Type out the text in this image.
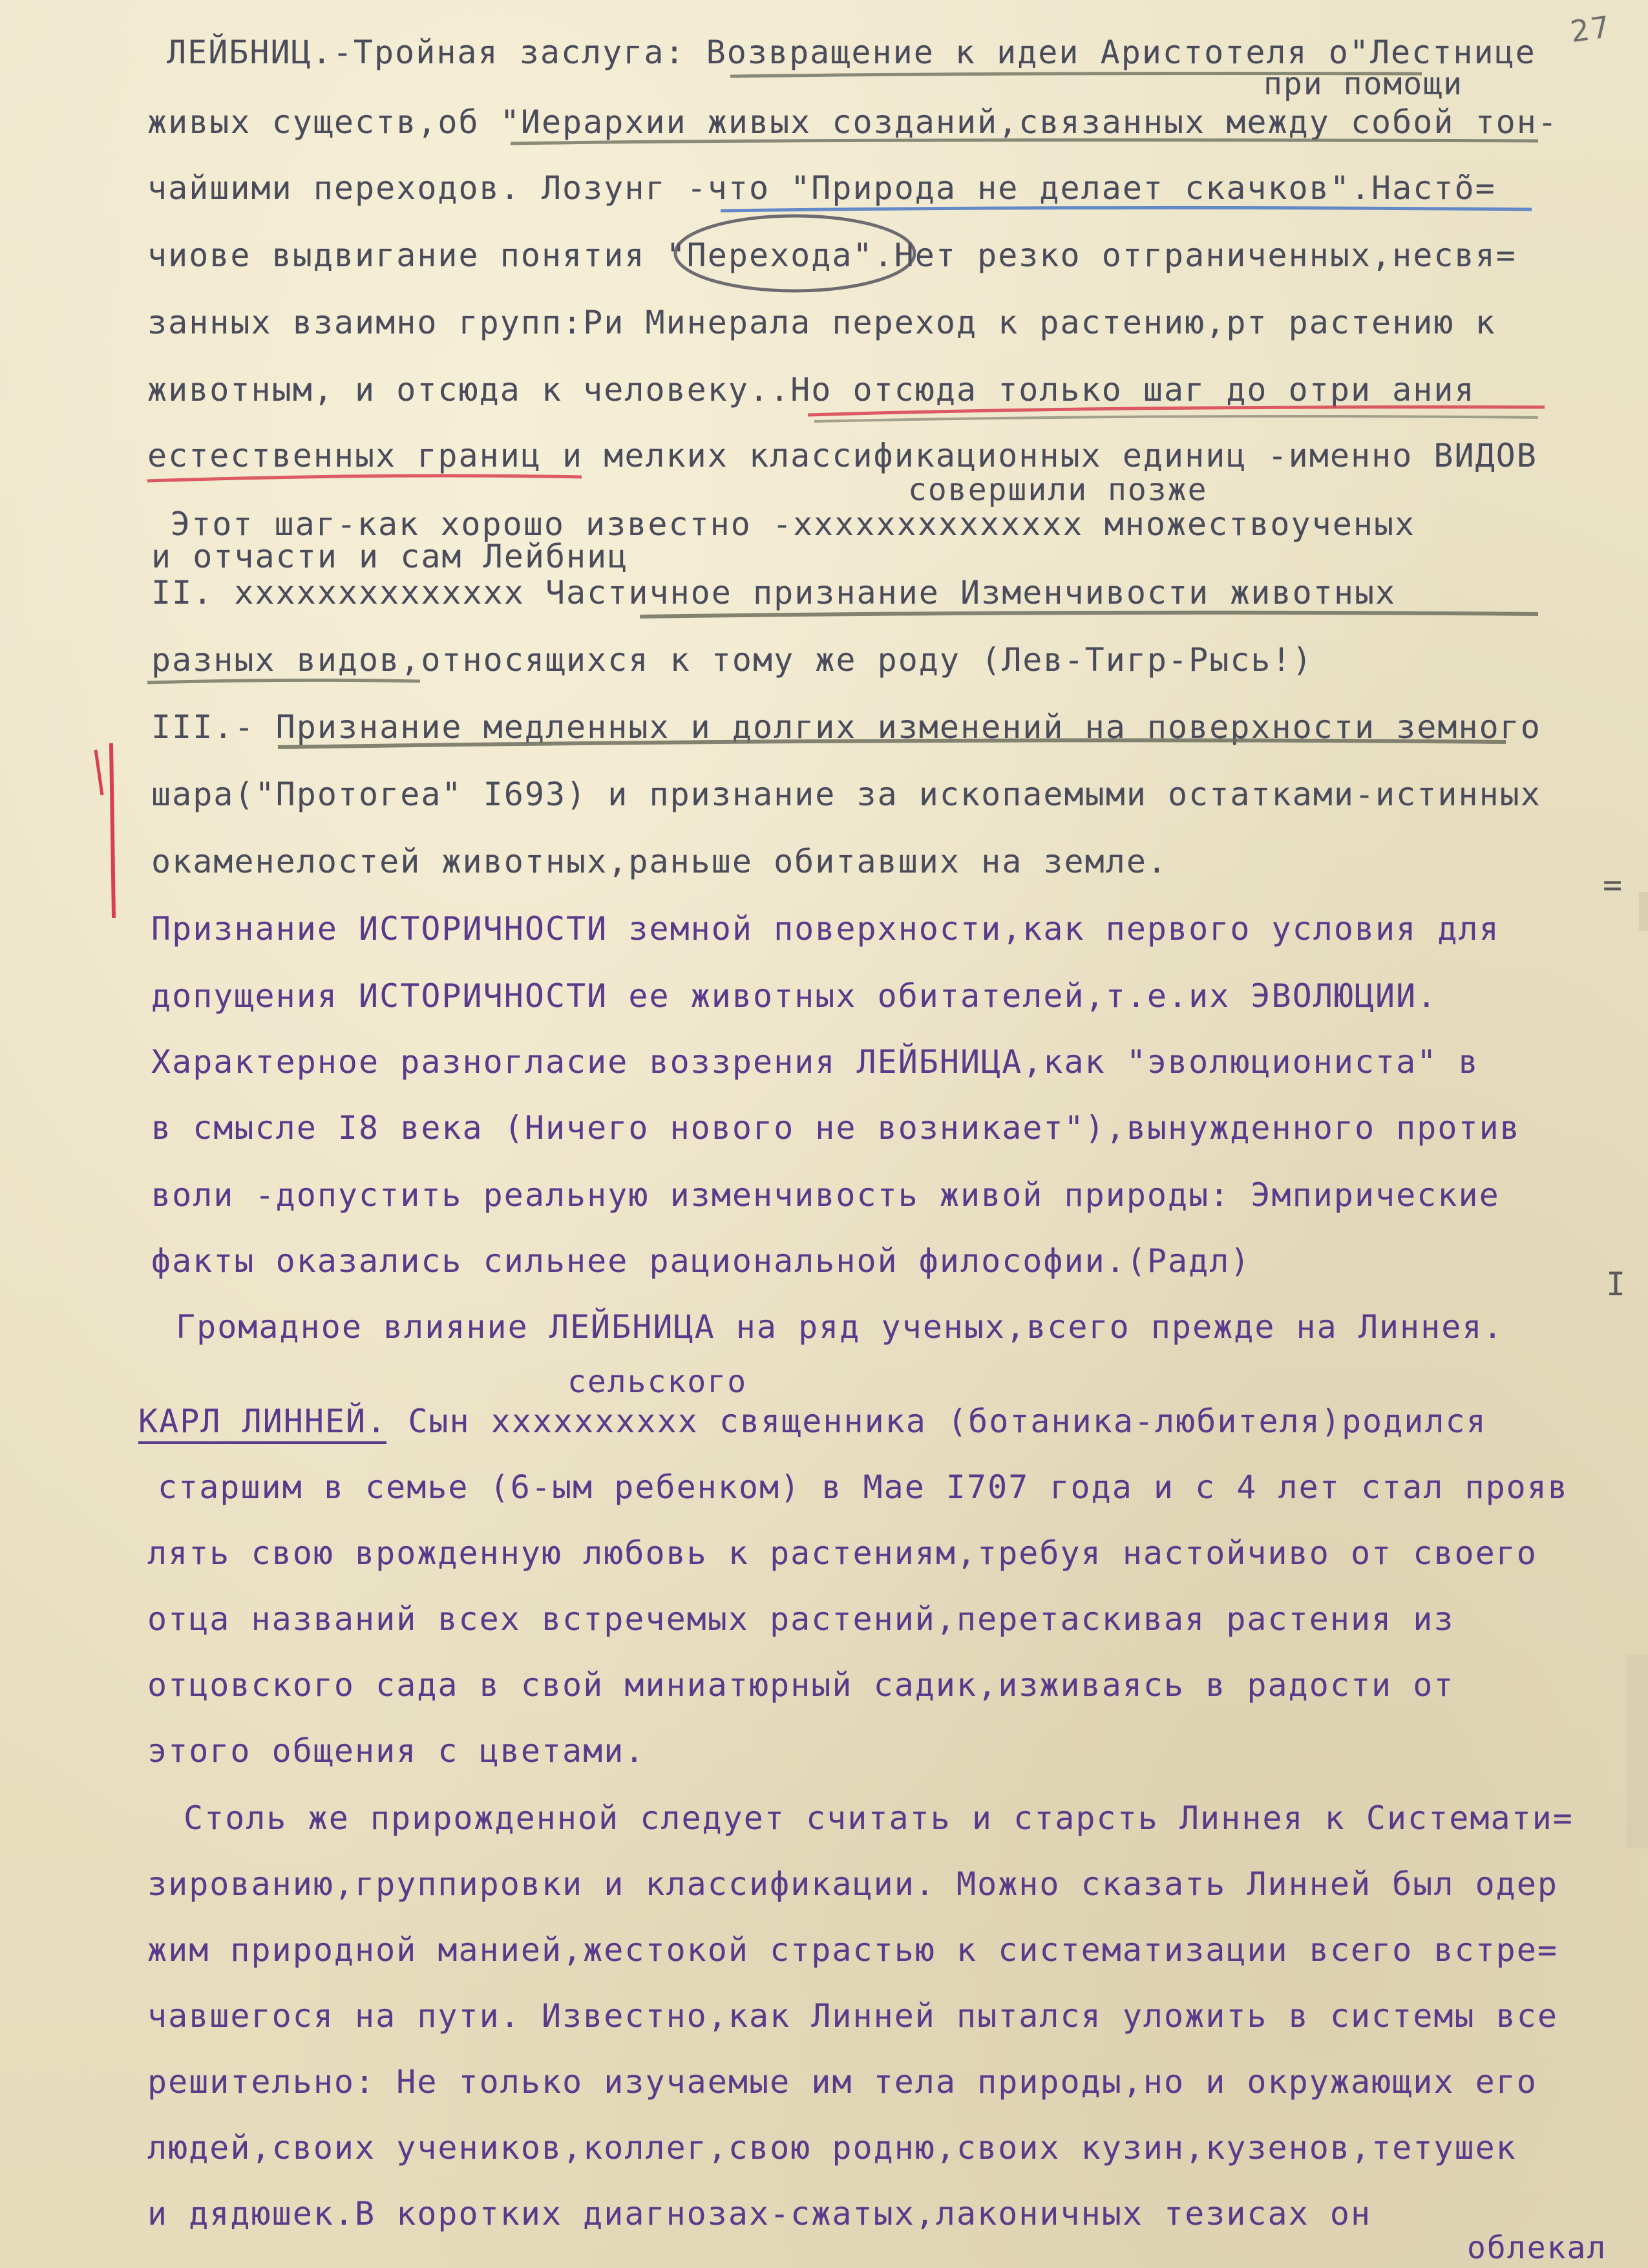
27
ЛЕЙБНИЦ.-Тройная заслуга: Возвращение к идеи Аристотеля о"Лестнице
при помощи
живых существ,об "Иерархии живых созданий,связанных между собой тон-
чайшими переходов. Лозунг -что "Природа не делает скачков".Насто̃=
чиове выдвигание понятия "Перехода".Нет резко отграниченных,несвя=
занных взаимно групп:Ри Минерала переход к растению,рт растению к
животным, и отсюда к человеку..Но отсюда только шаг до отри ания
естественных границ и мелких классификационных единиц -именно ВИДОВ
совершили позже
Этот шаг-как хорошо известно -хххххххххххххх множествоученых
и отчасти и сам Лейбниц
II. хххххххххххххх Частичное признание Изменчивости животных
разных видов,относящихся к тому же роду (Лев-Тигр-Рысь!)
III.- Признание медленных и долгих изменений на поверхности земного
шара("Протогеа" I693) и признание за ископаемыми остатками-истинных
окаменелостей животных,раньше обитавших на земле.
Признание ИСТОРИЧНОСТИ земной поверхности,как первого условия для
допущения ИСТОРИЧНОСТИ ее животных обитателей,т.е.их ЭВОЛЮЦИИ.
Характерное разногласие воззрения ЛЕЙБНИЦА,как "эволюциониста" в
в смысле I8 века (Ничего нового не возникает"),вынужденного против
воли -допустить реальную изменчивость живой природы: Эмпирические
факты оказались сильнее рациональной философии.(Радл)
Громадное влияние ЛЕЙБНИЦА на ряд ученых,всего прежде на Линнея.
сельского
КАРЛ ЛИННЕЙ. Сын хххххххххх священника (ботаника-любителя)родился
старшим в семье (6-ым ребенком) в Мае I707 года и с 4 лет стал прояв
лять свою врожденную любовь к растениям,требуя настойчиво от своего
отца названий всех встречемых растений,перетаскивая растения из
отцовского сада в свой миниатюрный садик,изживаясь в радости от
этого общения с цветами.
Столь же прирожденной следует считать и старсть Линнея к Системати=
зированию,группировки и классификации. Можно сказать Линней был одер
жим природной манией,жестокой страстью к систематизации всего встре=
чавшегося на пути. Известно,как Линней пытался уложить в системы все
решительно: Не только изучаемые им тела природы,но и окружающих его
людей,своих учеников,коллег,свою родню,своих кузин,кузенов,тетушек
и дядюшек.В коротких диагнозах-сжатых,лаконичных тезисах он
облекал
=
I
